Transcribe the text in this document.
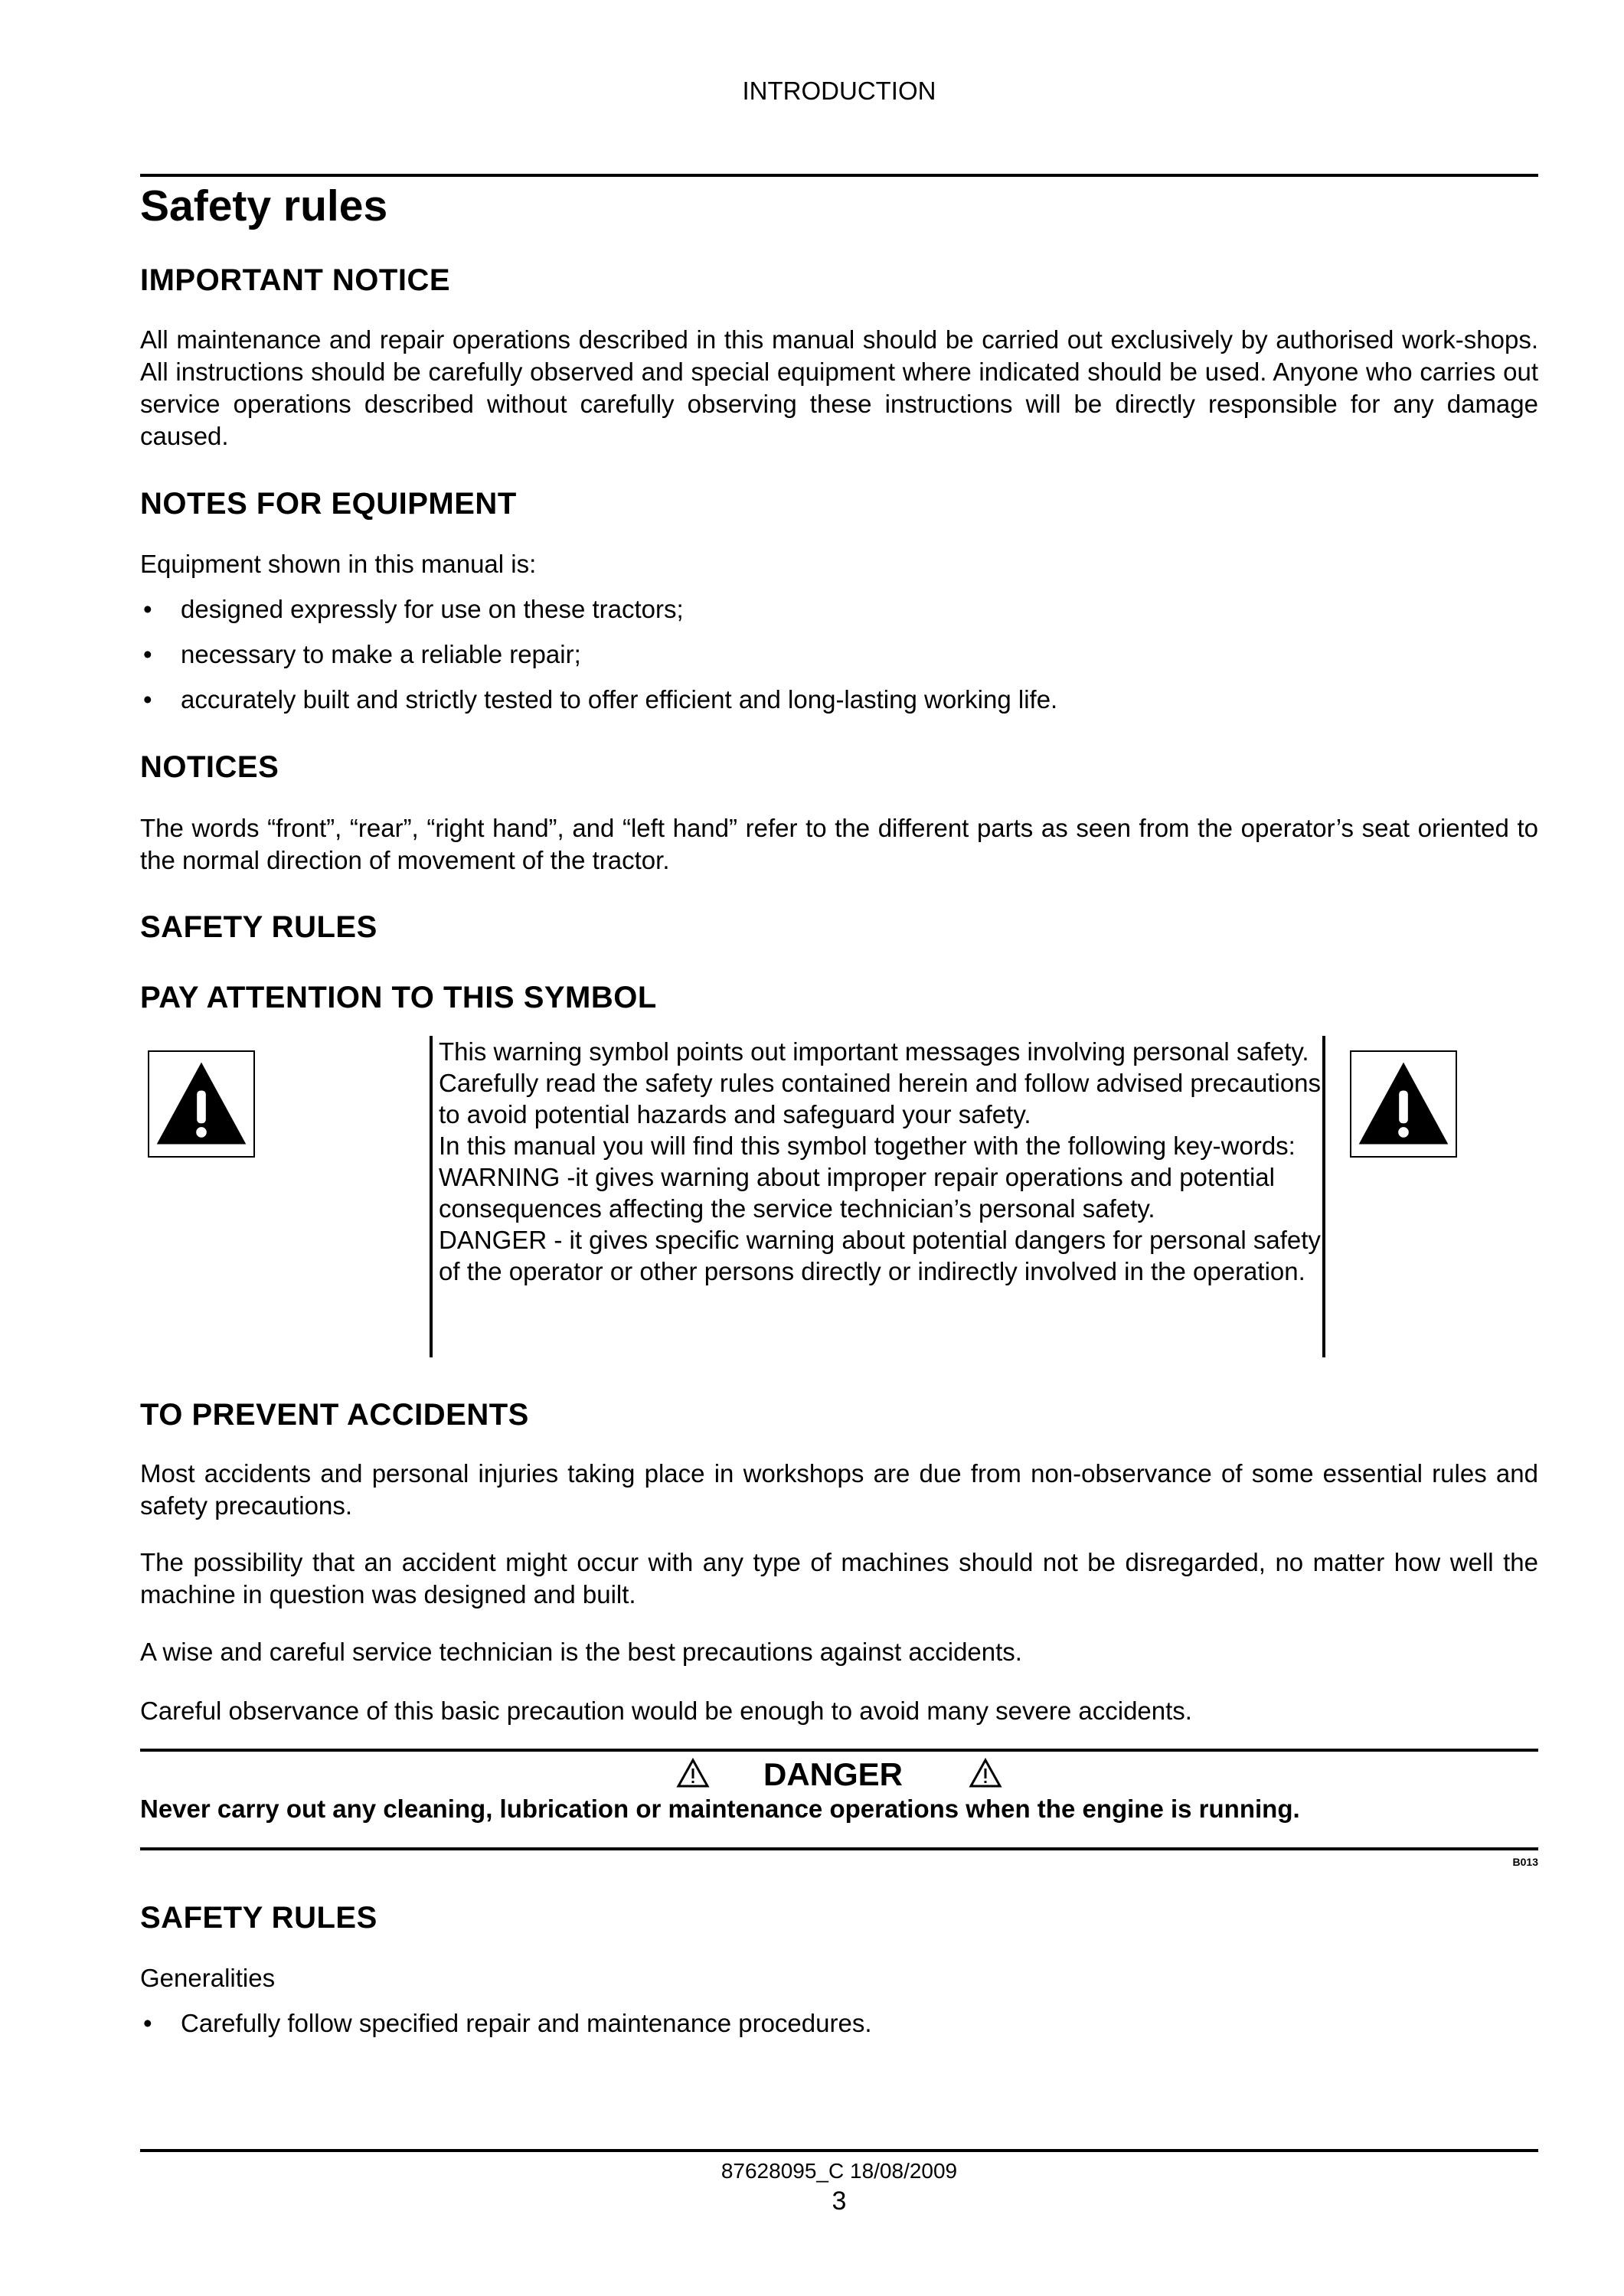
INTRODUCTION
Safety rules
IMPORTANT NOTICE

All maintenance and repair operations described in this manual should be carried out exclusively by authorised work-shops. All instructions should be carefully observed and special equipment where indicated should be used. Anyone who carries out service operations described without carefully observing these instructions will be directly responsible for any damage caused.

NOTES FOR EQUIPMENT

Equipment shown in this manual is:

• designed expressly for use on these tractors;
• necessary to make a reliable repair;
• accurately built and strictly tested to offer efficient and long-lasting working life.
NOTICES

The words “front”, “rear”, “right hand”, and “left hand” refer to the different parts as seen from the operator’s seat oriented to the normal direction of movement of the tractor.

SAFETY RULES
PAY ATTENTION TO THIS SYMBOL

This warning symbol points out important messages involving personal safety. Carefully read the safety rules contained herein and follow advised precautions to avoid potential hazards and safeguard your safety.

In this manual you will find this symbol together with the following key-words:

WARNING -it gives warning about improper repair operations and potential consequences affecting the service technician’s personal safety.

DANGER - it gives specific warning about potential dangers for personal safety of the operator or other persons directly or indirectly involved in the operation.

TO PREVENT ACCIDENTS

Most accidents and personal injuries taking place in workshops are due from non-observance of some essential rules and safety precautions.

The possibility that an accident might occur with any type of machines should not be disregarded, no matter how well the machine in question was designed and built.

A wise and careful service technician is the best precautions against accidents.

Careful observance of this basic precaution would be enough to avoid many severe accidents.

DANGER
Never carry out any cleaning, lubrication or maintenance operations when the engine is running.
B013
SAFETY RULES

Generalities

• Carefully follow specified repair and maintenance procedures.
87628095_C 18/08/2009
3
